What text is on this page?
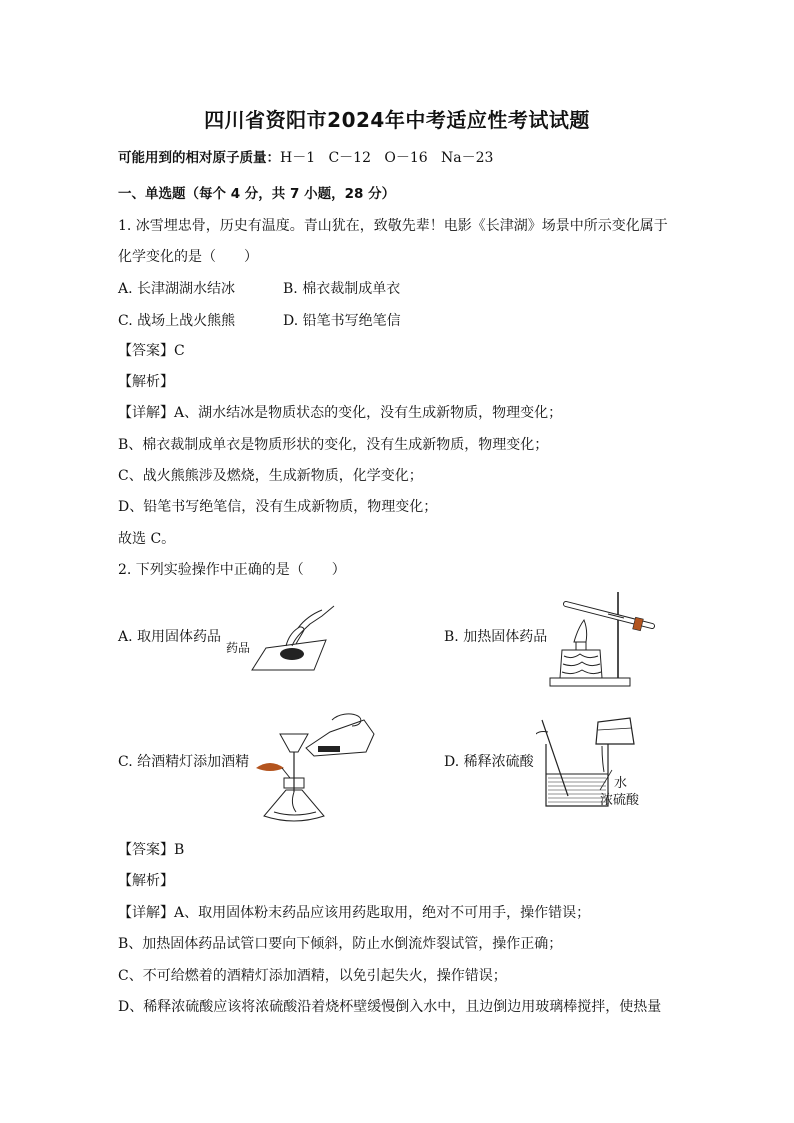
四川省资阳市2024年中考适应性考试试题
可能用到的相对原子质量：H－1   C－12   O－16   Na－23
一、单选题（每个 4 分，共 7 小题，28 分）
1. 冰雪埋忠骨，历史有温度。青山犹在，致敬先辈！电影《长津湖》场景中所示变化属于
化学变化的是（　　）
A. 长津湖湖水结冰	B. 棉衣裁制成单衣
C. 战场上战火熊熊	D. 铅笔书写绝笔信
【答案】C
【解析】
【详解】A、湖水结冰是物质状态的变化，没有生成新物质，物理变化；
B、棉衣裁制成单衣是物质形状的变化，没有生成新物质，物理变化；
C、战火熊熊涉及燃烧，生成新物质，化学变化；
D、铅笔书写绝笔信，没有生成新物质，物理变化；
故选 C。
2. 下列实验操作中正确的是（　　）
A. 取用固体药品
药品
B. 加热固体药品
C. 给酒精灯添加酒精	D. 稀释浓硫酸
水
浓硫酸
【答案】B
【解析】
【详解】A、取用固体粉末药品应该用药匙取用，绝对不可用手，操作错误；
B、加热固体药品试管口要向下倾斜，防止水倒流炸裂试管，操作正确；
C、不可给燃着的酒精灯添加酒精，以免引起失火，操作错误；
D、稀释浓硫酸应该将浓硫酸沿着烧杯壁缓慢倒入水中，且边倒边用玻璃棒搅拌，使热量
